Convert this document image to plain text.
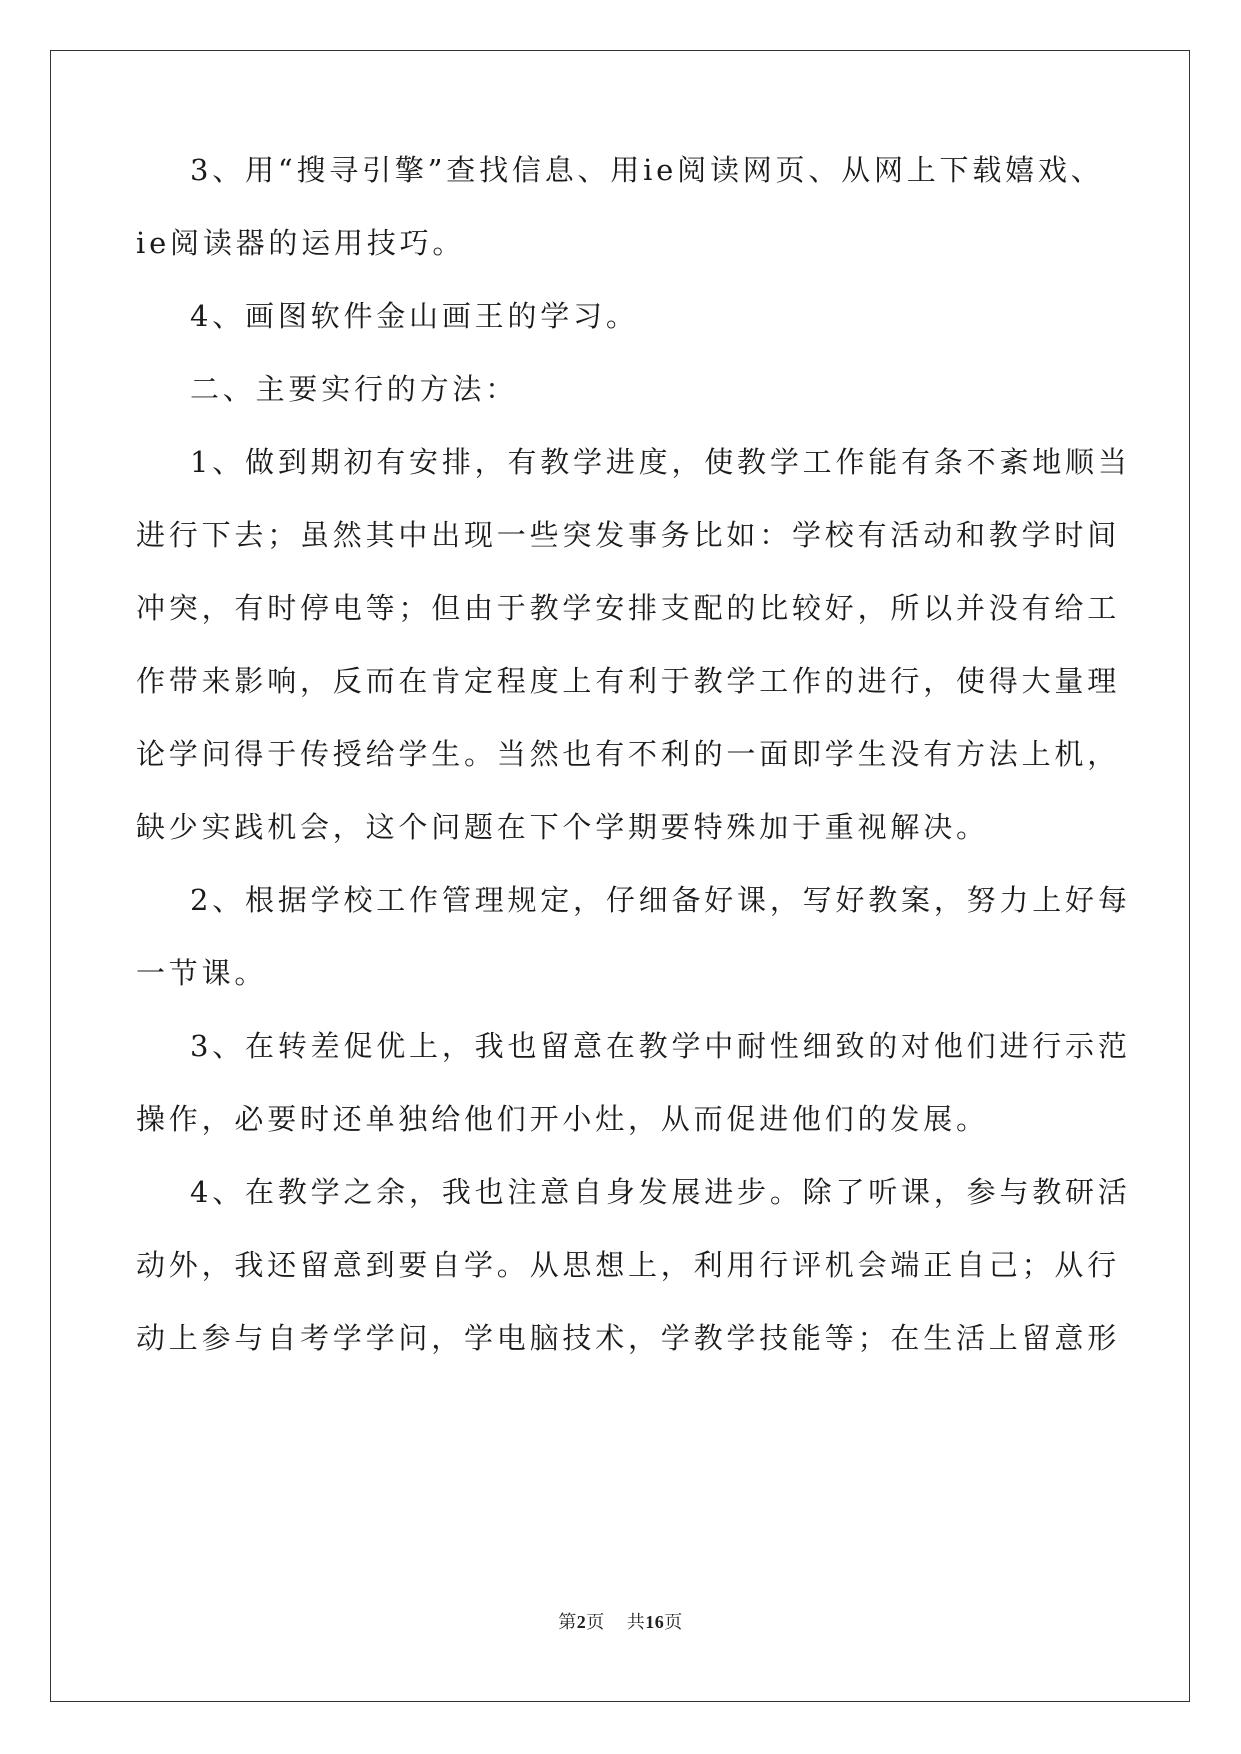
3、用“搜寻引擎”查找信息、用ie阅读网页、从网上下载嬉戏、
ie阅读器的运用技巧。
4、画图软件金山画王的学习。
二、主要实行的方法：
1、做到期初有安排，有教学进度，使教学工作能有条不紊地顺当
进行下去；虽然其中出现一些突发事务比如：学校有活动和教学时间
冲突，有时停电等；但由于教学安排支配的比较好，所以并没有给工
作带来影响，反而在肯定程度上有利于教学工作的进行，使得大量理
论学问得于传授给学生。当然也有不利的一面即学生没有方法上机，
缺少实践机会，这个问题在下个学期要特殊加于重视解决。
2、根据学校工作管理规定，仔细备好课，写好教案，努力上好每
一节课。
3、在转差促优上，我也留意在教学中耐性细致的对他们进行示范
操作，必要时还单独给他们开小灶，从而促进他们的发展。
4、在教学之余，我也注意自身发展进步。除了听课，参与教研活
动外，我还留意到要自学。从思想上，利用行评机会端正自己；从行
动上参与自考学学问，学电脑技术，学教学技能等；在生活上留意形
第2页 共16页
